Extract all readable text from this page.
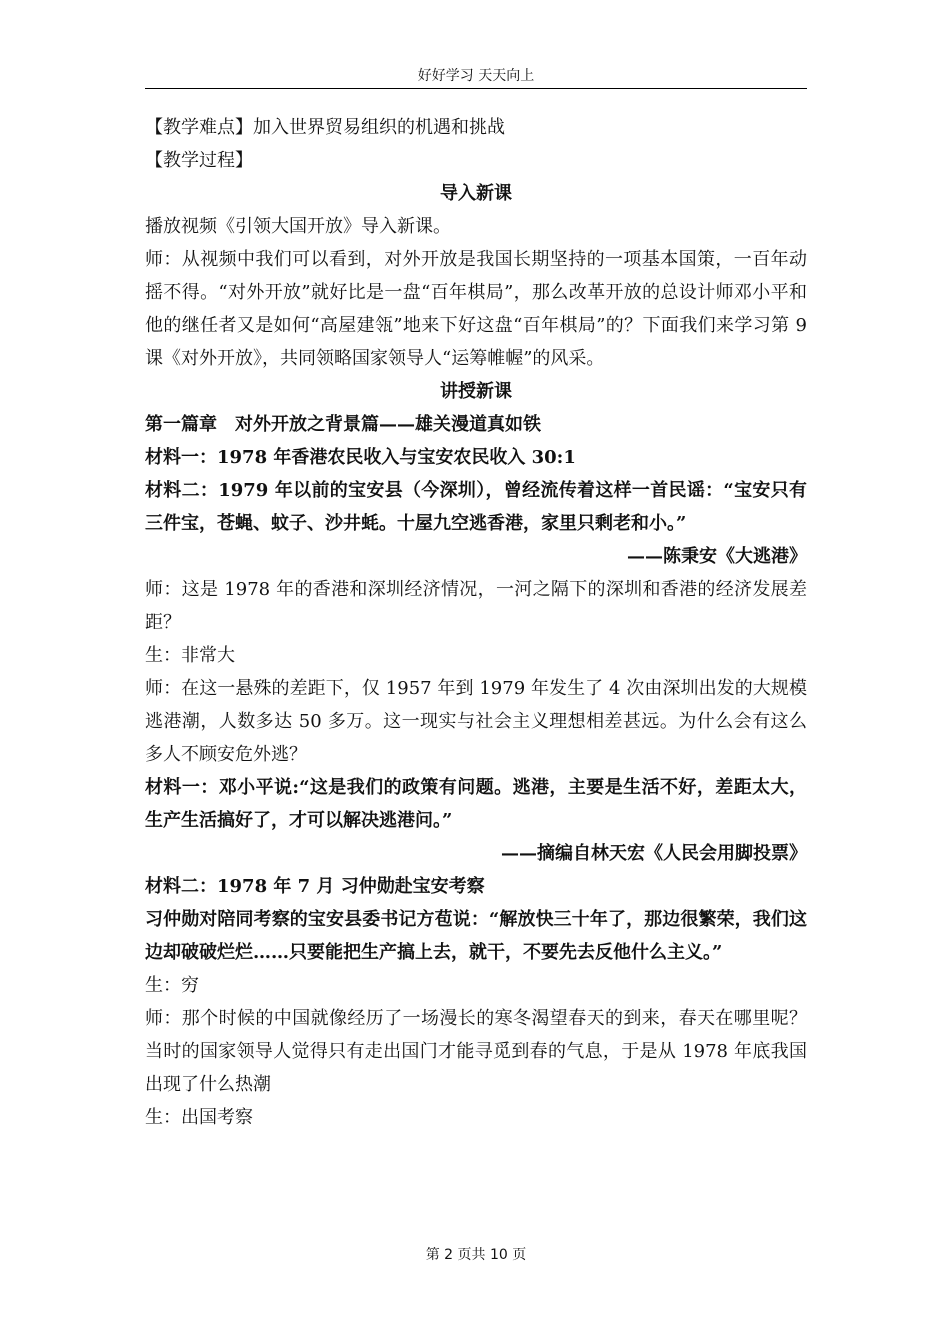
好好学习 天天向上

【教学难点】加入世界贸易组织的机遇和挑战

【教学过程】

导入新课

播放视频《引领大国开放》导入新课。

师：从视频中我们可以看到，对外开放是我国长期坚持的一项基本国策，一百年动摇不得。“对外开放”就好比是一盘“百年棋局”，那么改革开放的总设计师邓小平和他的继任者又是如何“高屋建瓴”地来下好这盘“百年棋局”的？下面我们来学习第 9 课《对外开放》，共同领略国家领导人“运筹帷幄”的风采。

讲授新课

第一篇章　对外开放之背景篇——雄关漫道真如铁

材料一：1978 年香港农民收入与宝安农民收入 30:1

材料二：1979 年以前的宝安县（今深圳），曾经流传着这样一首民谣：“宝安只有三件宝，苍蝇、蚊子、沙井蚝。十屋九空逃香港，家里只剩老和小。”

——陈秉安《大逃港》

师：这是 1978 年的香港和深圳经济情况，一河之隔下的深圳和香港的经济发展差距？

生：非常大

师：在这一悬殊的差距下，仅 1957 年到 1979 年发生了 4 次由深圳出发的大规模逃港潮，人数多达 50 多万。这一现实与社会主义理想相差甚远。为什么会有这么多人不顾安危外逃？

材料一：邓小平说:“这是我们的政策有问题。逃港，主要是生活不好，差距太大，生产生活搞好了，才可以解决逃港问。”

——摘编自林天宏《人民会用脚投票》

材料二：1978 年 7 月 习仲勋赴宝安考察

习仲勋对陪同考察的宝安县委书记方苞说：“解放快三十年了，那边很繁荣，我们这边却破破烂烂……只要能把生产搞上去，就干，不要先去反他什么主义。”

生：穷

师：那个时候的中国就像经历了一场漫长的寒冬渴望春天的到来，春天在哪里呢？当时的国家领导人觉得只有走出国门才能寻觅到春的气息，于是从 1978 年底我国出现了什么热潮

生：出国考察

第 2 页共 10 页
